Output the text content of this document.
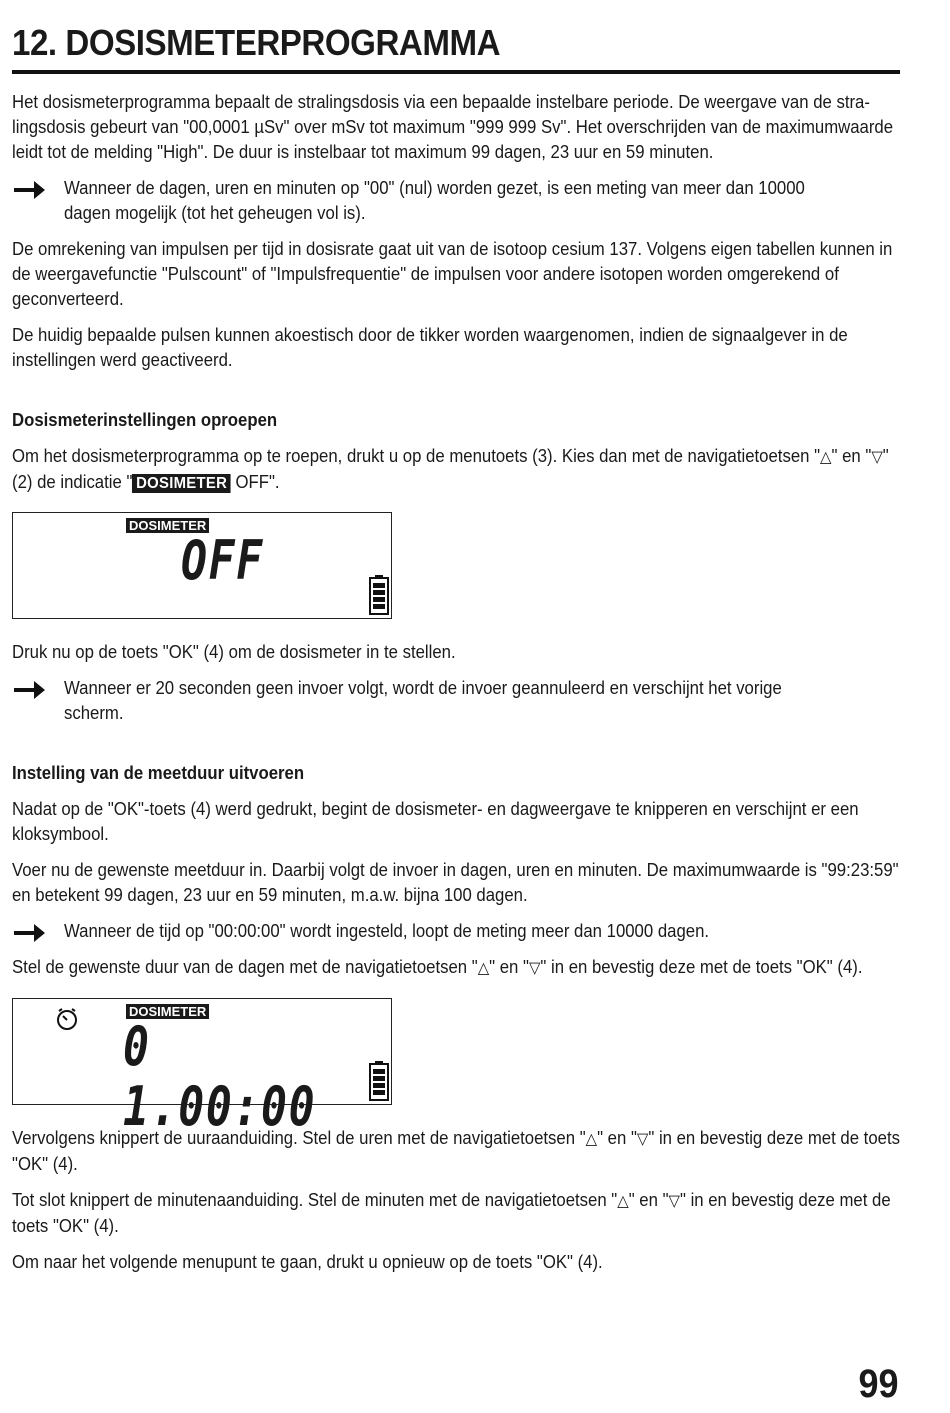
12. DOSISMETERPROGRAMMA

Het dosismeterprogramma bepaalt de stralingsdosis via een bepaalde instelbare periode. De weergave van de stralingsdosis gebeurt van "00,0001 µSv" over mSv tot maximum "999 999 Sv". Het overschrijden van de maximumwaarde leidt tot de melding "High". De duur is instelbaar tot maximum 99 dagen, 23 uur en 59 minuten.

Wanneer de dagen, uren en minuten op "00" (nul) worden gezet, is een meting van meer dan 10000 dagen mogelijk (tot het geheugen vol is).

De omrekening van impulsen per tijd in dosisrate gaat uit van de isotoop cesium 137. Volgens eigen tabellen kunnen in de weergavefunctie "Pulscount" of "Impulsfrequentie" de impulsen voor andere isotopen worden omgerekend of geconverteerd.

De huidig bepaalde pulsen kunnen akoestisch door de tikker worden waargenomen, indien de signaalgever in de instellingen werd geactiveerd.

Dosismeterinstellingen oproepen

Om het dosismeterprogramma op te roepen, drukt u op de menutoets (3). Kies dan met de navigatietoetsen "△" en "▽" (2) de indicatie " DOSIMETER OFF".

DOSIMETER
OFF

Druk nu op de toets "OK" (4) om de dosismeter in te stellen.

Wanneer er 20 seconden geen invoer volgt, wordt de invoer geannuleerd en verschijnt het vorige scherm.

Instelling van de meetduur uitvoeren

Nadat op de "OK"-toets (4) werd gedrukt, begint de dosismeter- en dagweergave te knipperen en verschijnt er een kloksymbool.

Voer nu de gewenste meetduur in. Daarbij volgt de invoer in dagen, uren en minuten. De maximumwaarde is "99:23:59" en betekent 99 dagen, 23 uur en 59 minuten, m.a.w. bijna 100 dagen.

Wanneer de tijd op "00:00:00" wordt ingesteld, loopt de meting meer dan 10000 dagen.

Stel de gewenste duur van de dagen met de navigatietoetsen "△" en "▽" in en bevestig deze met de toets "OK" (4).

DOSIMETER
0 1.00:00

Vervolgens knippert de uuraanduiding. Stel de uren met de navigatietoetsen "△" en "▽" in en bevestig deze met de toets "OK" (4).

Tot slot knippert de minutenaanduiding. Stel de minuten met de navigatietoetsen "△" en "▽" in en bevestig deze met de toets "OK" (4).

Om naar het volgende menupunt te gaan, drukt u opnieuw op de toets "OK" (4).

99
